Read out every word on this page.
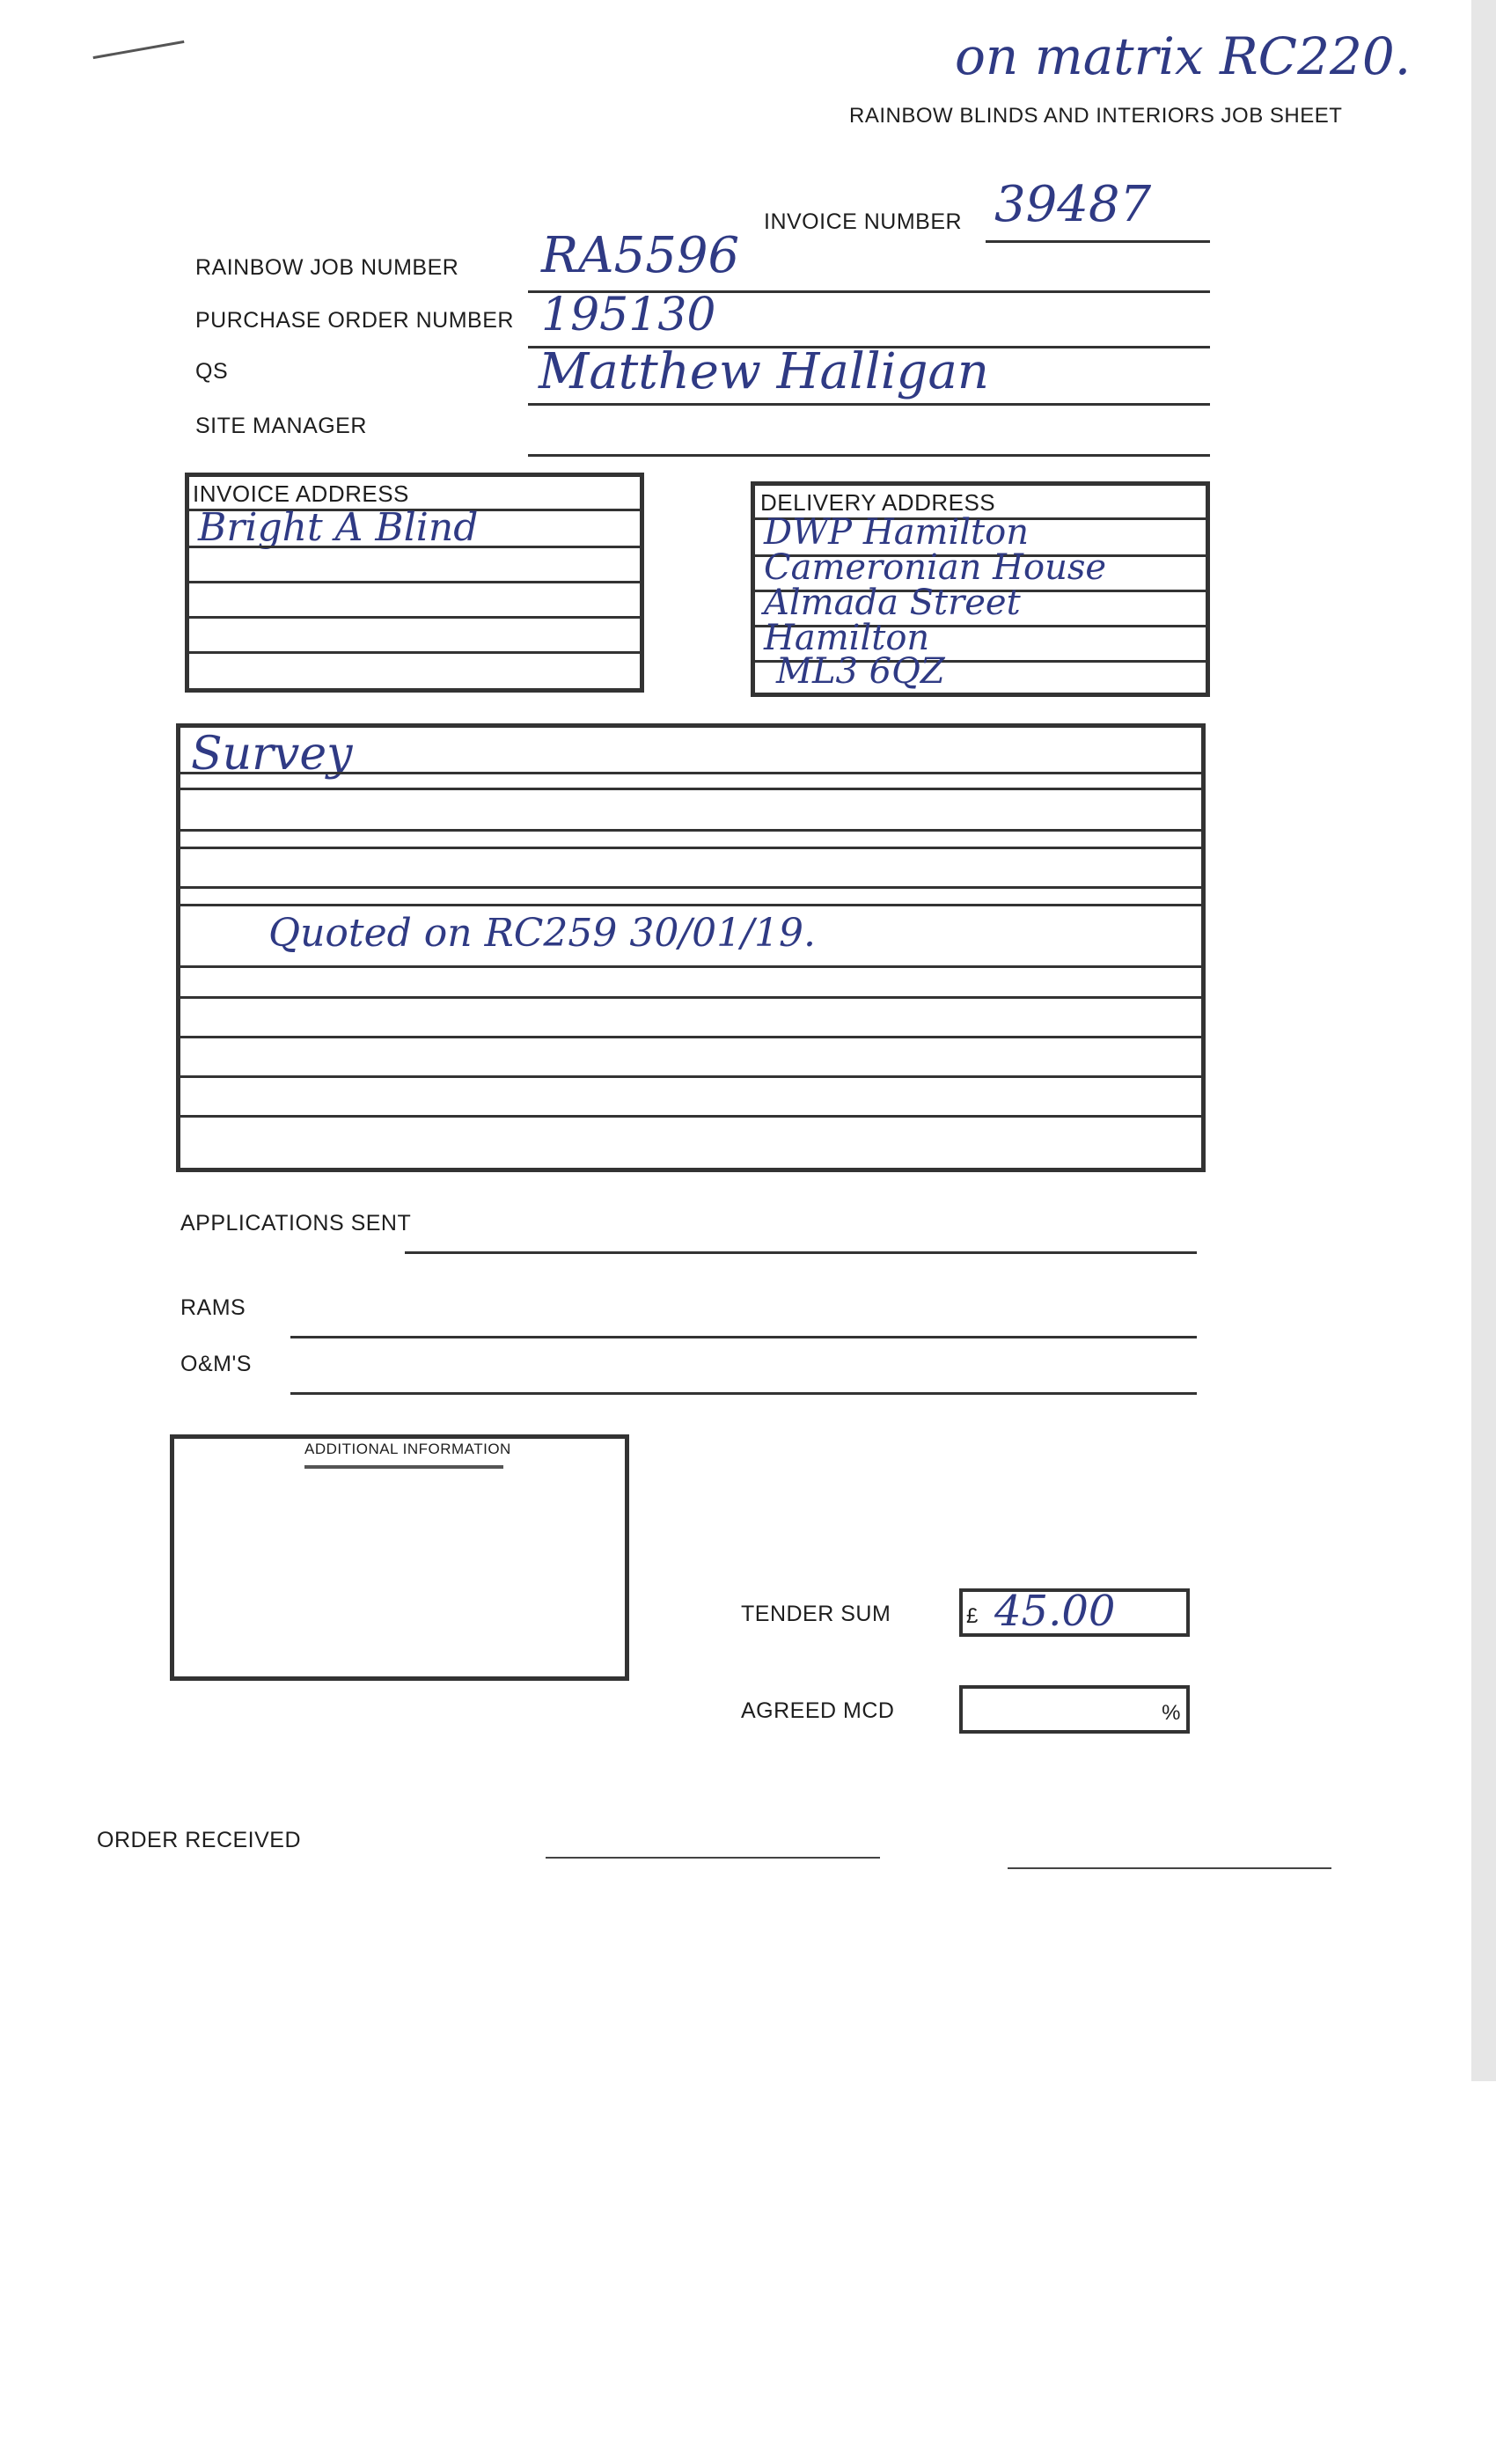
on matrix RC220.
RAINBOW BLINDS AND INTERIORS JOB SHEET
INVOICE NUMBER 39487
RAINBOW JOB NUMBER RA5596
PURCHASE ORDER NUMBER 195130
QS	Matthew Halligan
SITE MANAGER
INVOICE ADDRESS
Bright A Blind
DELIVERY ADDRESS
DWP Hamilton
Cameronian House
Almada Street
Hamilton
ML3 6QZ
Survey
Quoted on RC259 30/01/19.
APPLICATIONS SENT
RAMS
O&M'S
ADDITIONAL INFORMATION
TENDER SUM	£ 45.00
AGREED MCD	%
ORDER RECEIVED
